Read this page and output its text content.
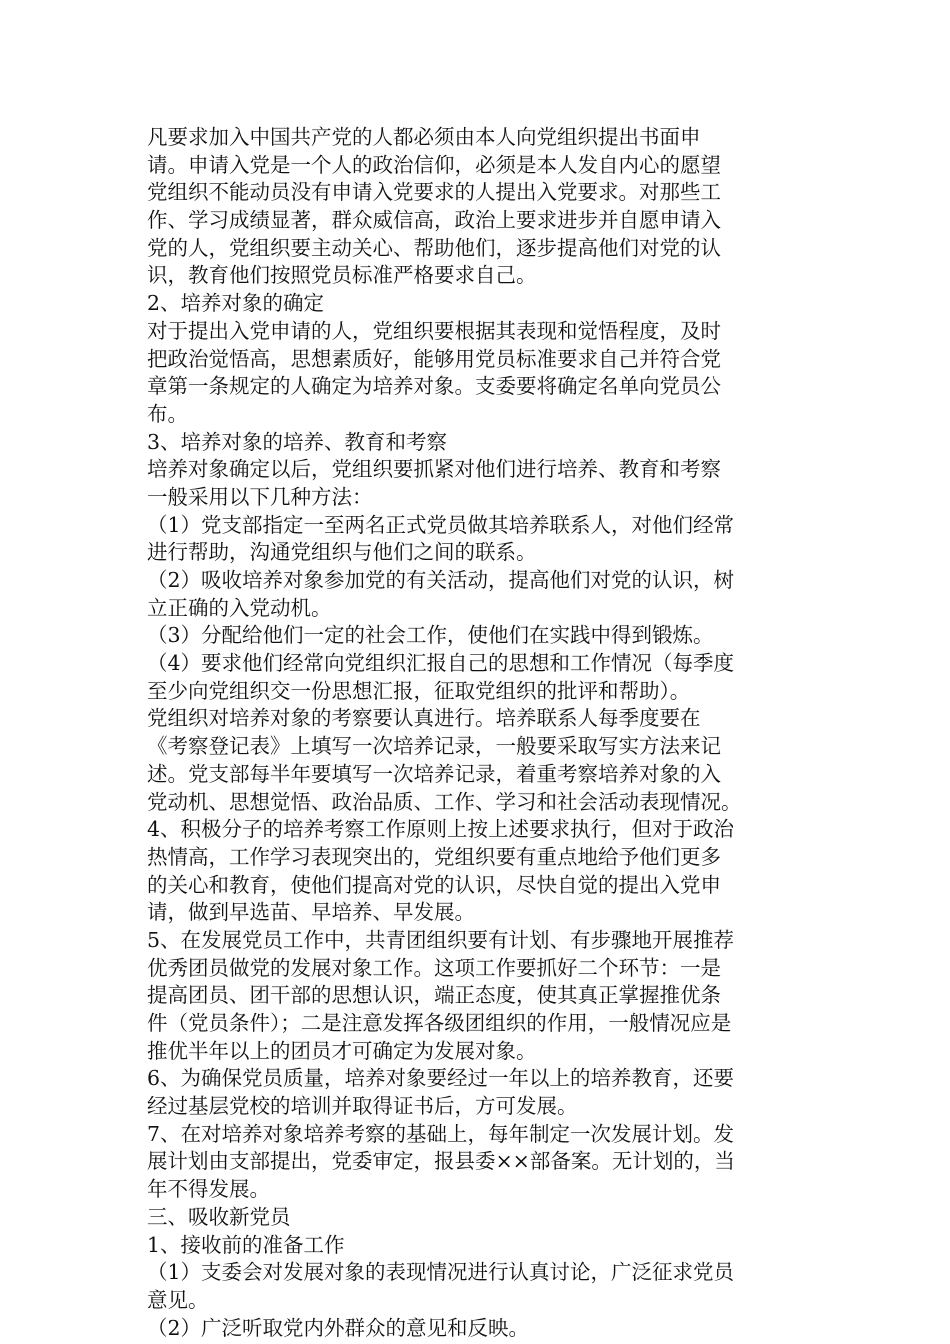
凡要求加入中国共产党的人都必须由本人向党组织提出书面申
请。申请入党是一个人的政治信仰，必须是本人发自内心的愿望
党组织不能动员没有申请入党要求的人提出入党要求。对那些工
作、学习成绩显著，群众威信高，政治上要求进步并自愿申请入
党的人，党组织要主动关心、帮助他们，逐步提高他们对党的认
识，教育他们按照党员标准严格要求自己。
2、培养对象的确定
对于提出入党申请的人，党组织要根据其表现和觉悟程度，及时
把政治觉悟高，思想素质好，能够用党员标准要求自己并符合党
章第一条规定的人确定为培养对象。支委要将确定名单向党员公
布。
3、培养对象的培养、教育和考察
培养对象确定以后，党组织要抓紧对他们进行培养、教育和考察
一般采用以下几种方法：
（1）党支部指定一至两名正式党员做其培养联系人，对他们经常
进行帮助，沟通党组织与他们之间的联系。
（2）吸收培养对象参加党的有关活动，提高他们对党的认识，树
立正确的入党动机。
（3）分配给他们一定的社会工作，使他们在实践中得到锻炼。
（4）要求他们经常向党组织汇报自己的思想和工作情况（每季度
至少向党组织交一份思想汇报，征取党组织的批评和帮助）。
党组织对培养对象的考察要认真进行。培养联系人每季度要在
《考察登记表》上填写一次培养记录，一般要采取写实方法来记
述。党支部每半年要填写一次培养记录，着重考察培养对象的入
党动机、思想觉悟、政治品质、工作、学习和社会活动表现情况。
4、积极分子的培养考察工作原则上按上述要求执行，但对于政治
热情高，工作学习表现突出的，党组织要有重点地给予他们更多
的关心和教育，使他们提高对党的认识，尽快自觉的提出入党申
请，做到早选苗、早培养、早发展。
5、在发展党员工作中，共青团组织要有计划、有步骤地开展推荐
优秀团员做党的发展对象工作。这项工作要抓好二个环节：一是
提高团员、团干部的思想认识，端正态度，使其真正掌握推优条
件（党员条件）；二是注意发挥各级团组织的作用，一般情况应是
推优半年以上的团员才可确定为发展对象。
6、为确保党员质量，培养对象要经过一年以上的培养教育，还要
经过基层党校的培训并取得证书后，方可发展。
7、在对培养对象培养考察的基础上，每年制定一次发展计划。发
展计划由支部提出，党委审定，报县委××部备案。无计划的，当
年不得发展。
三、吸收新党员
1、接收前的准备工作
（1）支委会对发展对象的表现情况进行认真讨论，广泛征求党员
意见。
（2）广泛听取党内外群众的意见和反映。
